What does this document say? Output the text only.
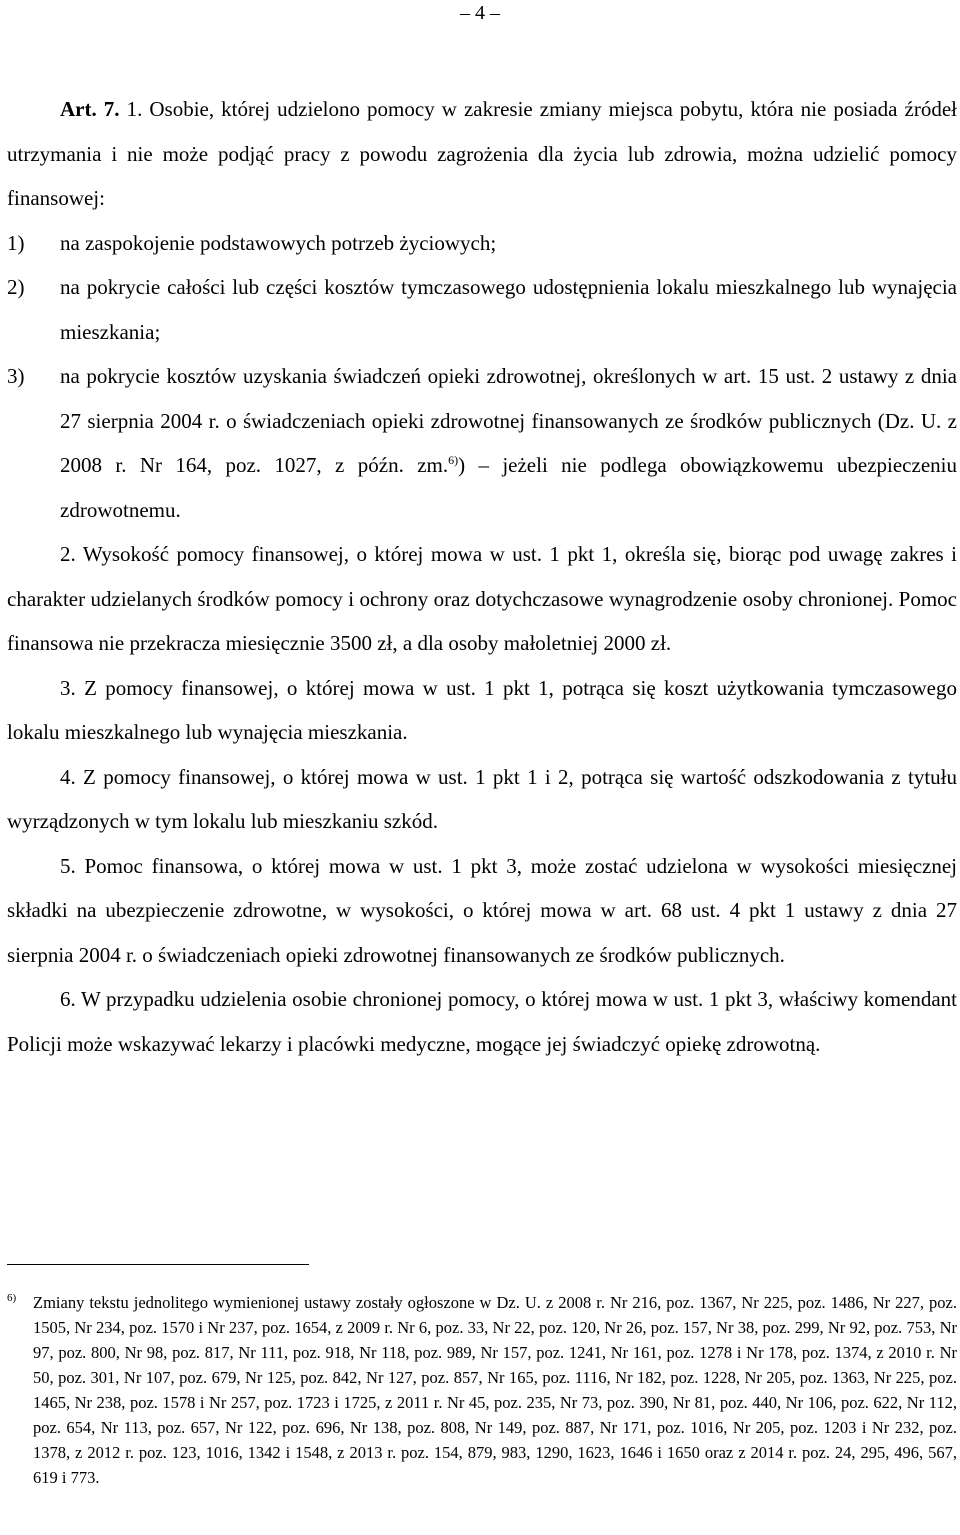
– 4 –

Art. 7. 1. Osobie, której udzielono pomocy w zakresie zmiany miejsca pobytu, która nie posiada źródeł utrzymania i nie może podjąć pracy z powodu zagrożenia dla życia lub zdrowia, można udzielić pomocy finansowej:

1)	na zaspokojenie podstawowych potrzeb życiowych;
2)	na pokrycie całości lub części kosztów tymczasowego udostępnienia lokalu mieszkalnego lub wynajęcia mieszkania;
3)	na pokrycie kosztów uzyskania świadczeń opieki zdrowotnej, określonych w art. 15 ust. 2 ustawy z dnia 27 sierpnia 2004 r. o świadczeniach opieki zdrowotnej finansowanych ze środków publicznych (Dz. U. z 2008 r. Nr 164, poz. 1027, z późn. zm.$^{6)}$) – jeżeli nie podlega obowiązkowemu ubezpieczeniu zdrowotnemu.

2. Wysokość pomocy finansowej, o której mowa w ust. 1 pkt 1, określa się, biorąc pod uwagę zakres i charakter udzielanych środków pomocy i ochrony oraz dotychczasowe wynagrodzenie osoby chronionej. Pomoc finansowa nie przekracza miesięcznie 3500 zł, a dla osoby małoletniej 2000 zł.

3. Z pomocy finansowej, o której mowa w ust. 1 pkt 1, potrąca się koszt użytkowania tymczasowego lokalu mieszkalnego lub wynajęcia mieszkania.

4. Z pomocy finansowej, o której mowa w ust. 1 pkt 1 i 2, potrąca się wartość odszkodowania z tytułu wyrządzonych w tym lokalu lub mieszkaniu szkód.

5. Pomoc finansowa, o której mowa w ust. 1 pkt 3, może zostać udzielona w wysokości miesięcznej składki na ubezpieczenie zdrowotne, w wysokości, o której mowa w art. 68 ust. 4 pkt 1 ustawy z dnia 27 sierpnia 2004 r. o świadczeniach opieki zdrowotnej finansowanych ze środków publicznych.

6. W przypadku udzielenia osobie chronionej pomocy, o której mowa w ust. 1 pkt 3, właściwy komendant Policji może wskazywać lekarzy i placówki medyczne, mogące jej świadczyć opiekę zdrowotną.

6)	Zmiany tekstu jednolitego wymienionej ustawy zostały ogłoszone w Dz. U. z 2008 r. Nr 216, poz. 1367, Nr 225, poz. 1486, Nr 227, poz. 1505, Nr 234, poz. 1570 i Nr 237, poz. 1654, z 2009 r. Nr 6, poz. 33, Nr 22, poz. 120, Nr 26, poz. 157, Nr 38, poz. 299, Nr 92, poz. 753, Nr 97, poz. 800, Nr 98, poz. 817, Nr 111, poz. 918, Nr 118, poz. 989, Nr 157, poz. 1241, Nr 161, poz. 1278 i Nr 178, poz. 1374, z 2010 r. Nr 50, poz. 301, Nr 107, poz. 679, Nr 125, poz. 842, Nr 127, poz. 857, Nr 165, poz. 1116, Nr 182, poz. 1228, Nr 205, poz. 1363, Nr 225, poz. 1465, Nr 238, poz. 1578 i Nr 257, poz. 1723 i 1725, z 2011 r. Nr 45, poz. 235, Nr 73, poz. 390, Nr 81, poz. 440, Nr 106, poz. 622, Nr 112, poz. 654, Nr 113, poz. 657, Nr 122, poz. 696, Nr 138, poz. 808, Nr 149, poz. 887, Nr 171, poz. 1016, Nr 205, poz. 1203 i Nr 232, poz. 1378, z 2012 r. poz. 123, 1016, 1342 i 1548, z 2013 r. poz. 154, 879, 983, 1290, 1623, 1646 i 1650 oraz z 2014 r. poz. 24, 295, 496, 567, 619 i 773.
